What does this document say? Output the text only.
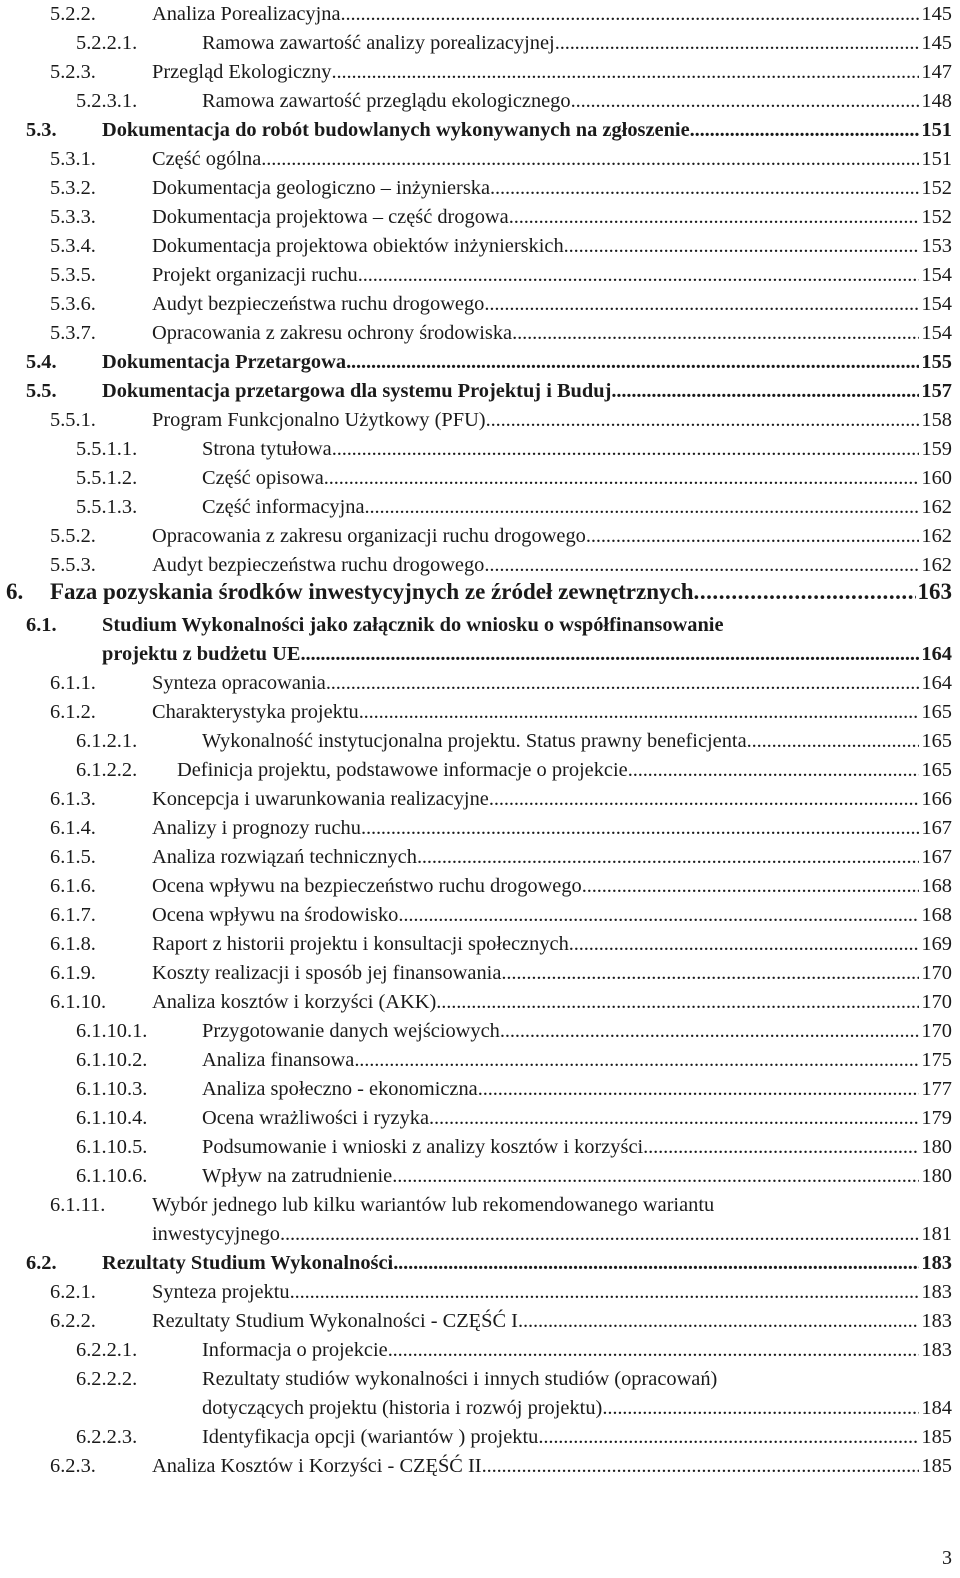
5.2.2.	Analiza Porealizacyjna . . .	145
5.2.2.1.	Ramowa zawartość analizy porealizacyjnej . . .	145
5.2.3.	Przegląd Ekologiczny . . .	147
5.2.3.1.	Ramowa zawartość przeglądu ekologicznego . . .	148
5.3. Dokumentacja do robót budowlanych wykonywanych na zgłoszenie . . .	151
5.3.1.	Część ogólna . . .	151
5.3.2.	Dokumentacja geologiczno – inżynierska . . .	152
5.3.3.	Dokumentacja projektowa – część drogowa . . .	152
5.3.4.	Dokumentacja projektowa obiektów inżynierskich . . .	153
5.3.5.	Projekt organizacji ruchu . . .	154
5.3.6.	Audyt bezpieczeństwa ruchu drogowego . . .	154
5.3.7.	Opracowania z zakresu ochrony środowiska . . .	154
5.4. Dokumentacja Przetargowa . . .	155
5.5. Dokumentacja przetargowa dla systemu Projektuj i Buduj . . .	157
5.5.1.	Program Funkcjonalno Użytkowy (PFU) . . .	158
5.5.1.1.	Strona tytułowa . . .	159
5.5.1.2.	Część opisowa . . .	160
5.5.1.3.	Część informacyjna . . .	162
5.5.2.	Opracowania z zakresu organizacji ruchu drogowego . . .	162
5.5.3.	Audyt bezpieczeństwa ruchu drogowego . . .	162
6. Faza pozyskania środków inwestycyjnych ze źródeł zewnętrznych . . .	163
6.1. Studium Wykonalności jako załącznik do wniosku o współfinansowanie
projektu z budżetu UE . . .	164
6.1.1.	Synteza opracowania . . .	164
6.1.2.	Charakterystyka projektu . . .	165
6.1.2.1.	Wykonalność instytucjonalna projektu. Status prawny beneficjenta . . .	165
6.1.2.2. Definicja projektu, podstawowe informacje o projekcie . . .	165
6.1.3.	Koncepcja i uwarunkowania realizacyjne . . .	166
6.1.4.	Analizy i prognozy ruchu . . .	167
6.1.5.	Analiza rozwiązań technicznych . . .	167
6.1.6.	Ocena wpływu na bezpieczeństwo ruchu drogowego . . .	168
6.1.7.	Ocena wpływu na środowisko . . .	168
6.1.8.	Raport z historii projektu i konsultacji społecznych . . .	169
6.1.9.	Koszty realizacji i sposób jej finansowania . . .	170
6.1.10. Analiza kosztów i korzyści (AKK) . . .	170
6.1.10.1.	Przygotowanie danych wejściowych . . .	170
6.1.10.2.	Analiza finansowa . . .	175
6.1.10.3.	Analiza społeczno - ekonomiczna . . .	177
6.1.10.4.	Ocena wrażliwości i ryzyka . . .	179
6.1.10.5.	Podsumowanie i wnioski z analizy kosztów i korzyści . . .	180
6.1.10.6.	Wpływ na zatrudnienie . . .	180
6.1.11. Wybór jednego lub kilku wariantów lub rekomendowanego wariantu
inwestycyjnego . . .	181
6.2. Rezultaty Studium Wykonalności . . .	183
6.2.1.	Synteza projektu . . .	183
6.2.2.	Rezultaty Studium Wykonalności - CZĘŚĆ I . . .	183
6.2.2.1.	Informacja o projekcie . . .	183
6.2.2.2.	Rezultaty studiów wykonalności i innych studiów (opracowań)
dotyczących projektu (historia i rozwój projektu) . . .	184
6.2.2.3.	Identyfikacja opcji (wariantów ) projektu . . .	185
6.2.3.	Analiza Kosztów i Korzyści - CZĘŚĆ II . . .	185
3
